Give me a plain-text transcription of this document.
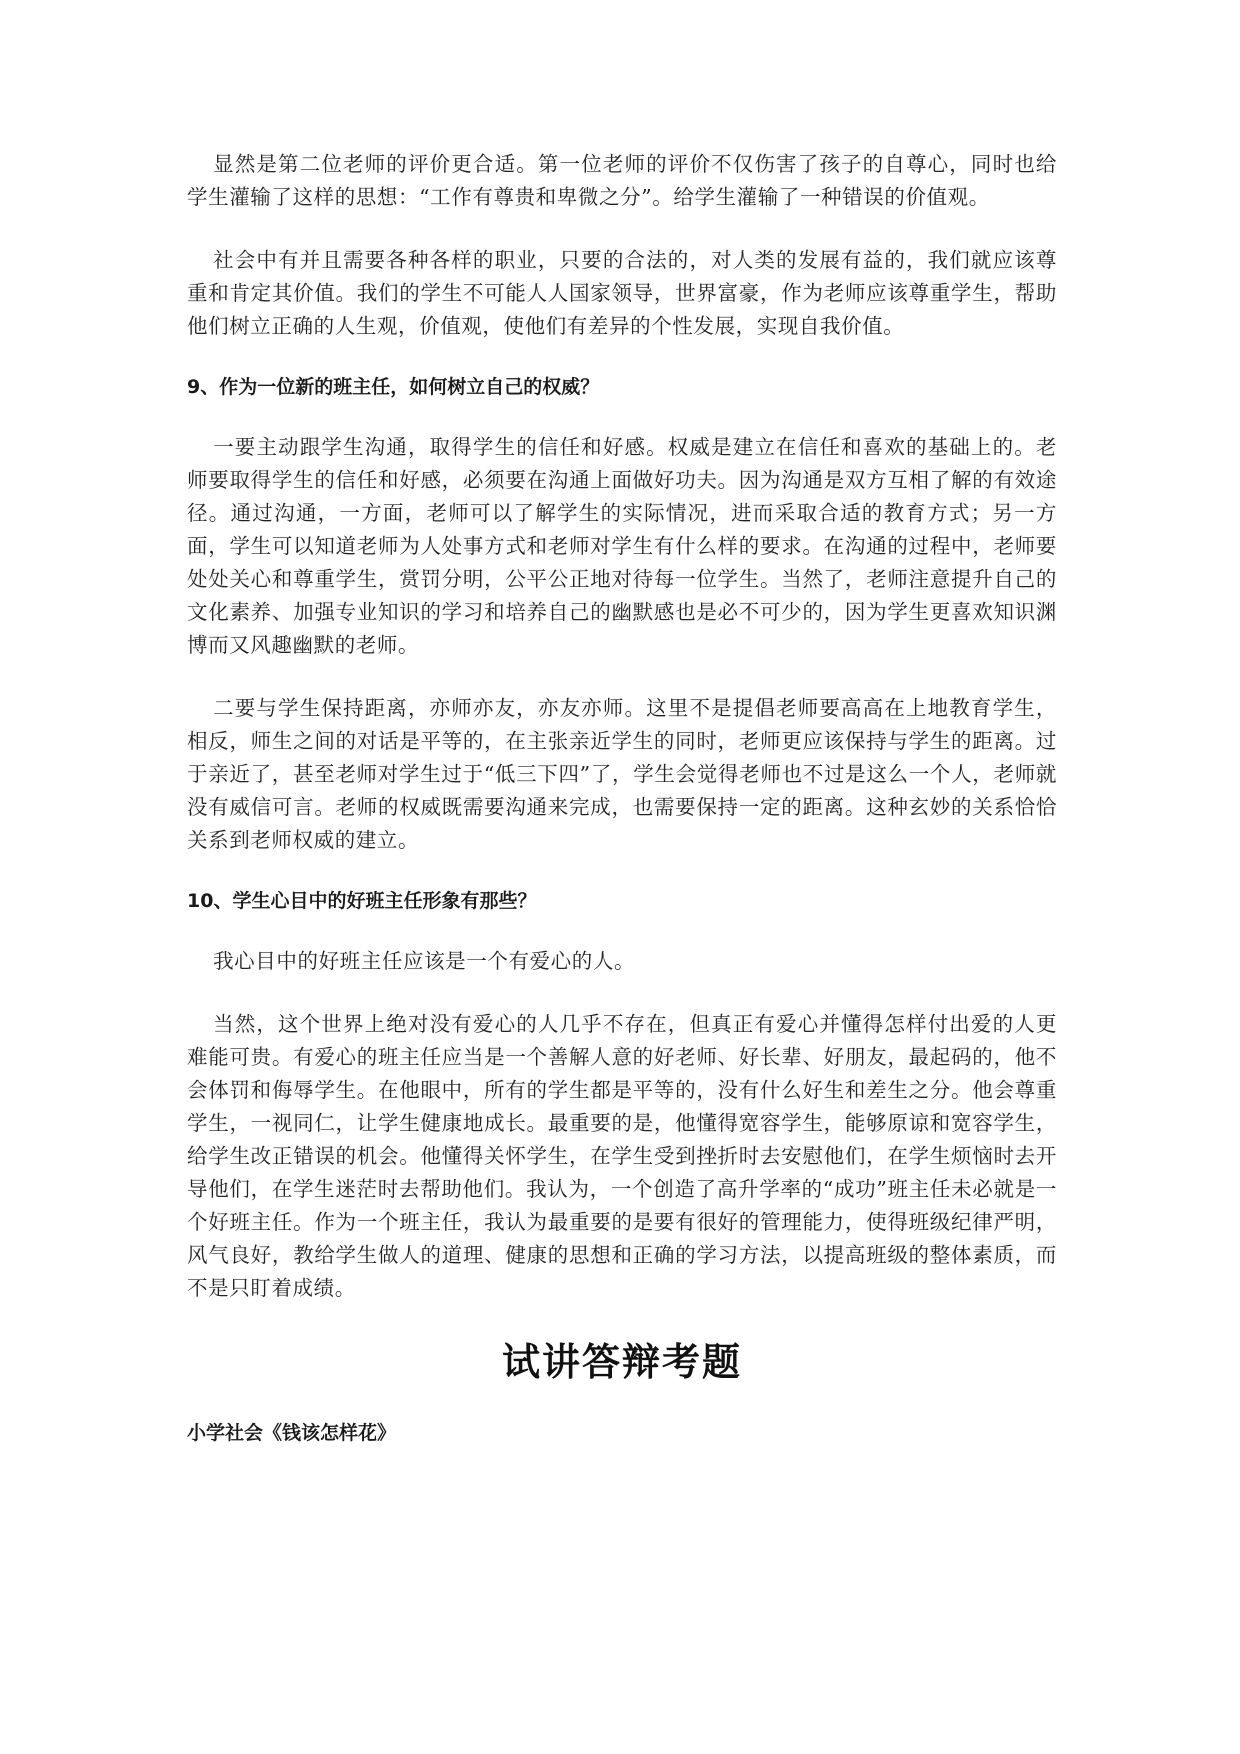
显然是第二位老师的评价更合适。第一位老师的评价不仅伤害了孩子的自尊心，同时也给学生灌输了这样的思想：“工作有尊贵和卑微之分”。给学生灌输了一种错误的价值观。

社会中有并且需要各种各样的职业，只要的合法的，对人类的发展有益的，我们就应该尊重和肯定其价值。我们的学生不可能人人国家领导，世界富豪，作为老师应该尊重学生，帮助他们树立正确的人生观，价值观，使他们有差异的个性发展，实现自我价值。

9、作为一位新的班主任，如何树立自己的权威？

一要主动跟学生沟通，取得学生的信任和好感。权威是建立在信任和喜欢的基础上的。老师要取得学生的信任和好感，必须要在沟通上面做好功夫。因为沟通是双方互相了解的有效途径。通过沟通，一方面，老师可以了解学生的实际情况，进而采取合适的教育方式；另一方面，学生可以知道老师为人处事方式和老师对学生有什么样的要求。在沟通的过程中，老师要处处关心和尊重学生，赏罚分明，公平公正地对待每一位学生。当然了，老师注意提升自己的文化素养、加强专业知识的学习和培养自己的幽默感也是必不可少的，因为学生更喜欢知识渊博而又风趣幽默的老师。

二要与学生保持距离，亦师亦友，亦友亦师。这里不是提倡老师要高高在上地教育学生，相反，师生之间的对话是平等的，在主张亲近学生的同时，老师更应该保持与学生的距离。过于亲近了，甚至老师对学生过于“低三下四”了，学生会觉得老师也不过是这么一个人，老师就没有威信可言。老师的权威既需要沟通来完成，也需要保持一定的距离。这种玄妙的关系恰恰关系到老师权威的建立。

10、学生心目中的好班主任形象有那些？

我心目中的好班主任应该是一个有爱心的人。

当然，这个世界上绝对没有爱心的人几乎不存在，但真正有爱心并懂得怎样付出爱的人更难能可贵。有爱心的班主任应当是一个善解人意的好老师、好长辈、好朋友，最起码的，他不会体罚和侮辱学生。在他眼中，所有的学生都是平等的，没有什么好生和差生之分。他会尊重学生，一视同仁，让学生健康地成长。最重要的是，他懂得宽容学生，能够原谅和宽容学生，给学生改正错误的机会。他懂得关怀学生，在学生受到挫折时去安慰他们，在学生烦恼时去开导他们，在学生迷茫时去帮助他们。我认为，一个创造了高升学率的“成功”班主任未必就是一个好班主任。作为一个班主任，我认为最重要的是要有很好的管理能力，使得班级纪律严明，风气良好，教给学生做人的道理、健康的思想和正确的学习方法，以提高班级的整体素质，而不是只盯着成绩。

试讲答辩考题
小学社会《钱该怎样花》
